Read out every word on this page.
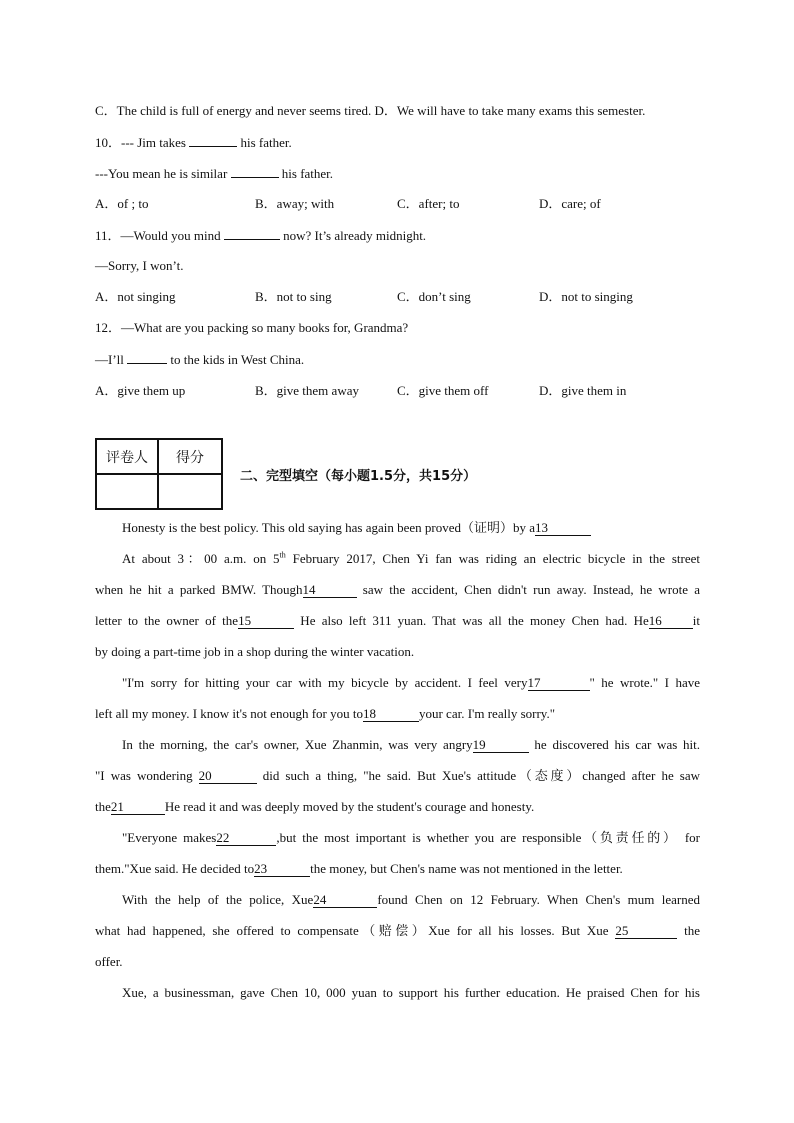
C．The child is full of energy and never seems tired. D．We will have to take many exams this semester.
10．--- Jim takes	his father.
---You mean he is similar	his father.
A．of ; to	B．away; with	C．after; to	D．care; of
11．—Would you mind	now? It’s already midnight.
—Sorry, I won’t.
A．not singing	B．not to sing	C．don’t sing	D．not to singing
12．—What are you packing so many books for, Grandma?
—I’ll	to the kids in West China.
A．give them up	B．give them away	C．give them off	D．give them in
评卷人	得分

二、完型填空（每小题1.5分，共15分）
Honesty is the best policy. This old saying has again been proved（证明）by a13
At about 3：00 a.m. on 5th February 2017, Chen Yi fan was riding an electric bicycle in the street
when he hit a parked BMW. Though14	saw the accident, Chen didn't run away. Instead, he wrote a
letter to the owner of the15	He also left 311 yuan. That was all the money Chen had. He16 it
by doing a part-time job in a shop during the winter vacation.
"I'm sorry for hitting your car with my bicycle by accident. I feel very17	" he wrote." I have
left all my money. I know it's not enough for you to18	your car. I'm really sorry."
In the morning, the car's owner, Xue Zhanmin, was very angry19	he discovered his car was hit.
"I was wondering 20	did such a thing, "he said. But Xue's attitude（态度）changed after he saw
the21	He read it and was deeply moved by the student's courage and honesty.
"Everyone makes22	,but the most important is whether you are responsible（负责任的） for
them."Xue said. He decided to23	the money, but Chen's name was not mentioned in the letter.
With the help of the police, Xue24	found Chen on 12 February. When Chen's mum learned
what had happened, she offered to compensate（赔偿）Xue for all his losses. But Xue 25	the
offer.
Xue, a businessman, gave Chen 10, 000 yuan to support his further education. He praised Chen for his
